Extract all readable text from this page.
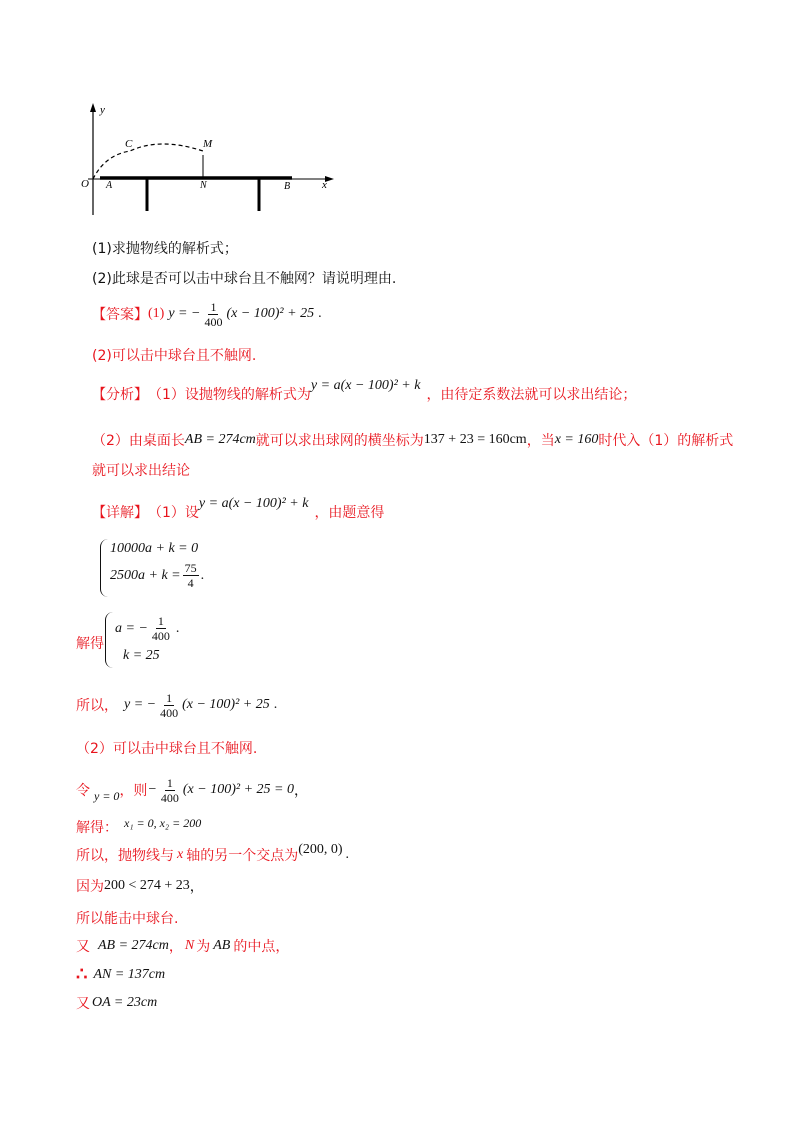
y
x
O A	N	B
C	M
(1)求抛物线的解析式；
(2)此球是否可以击中球台且不触网？请说明理由.
【答案】 (1) y = − $\frac{1}{400} (x - 100)^2 + 25$ .
(2)可以击中球台且不触网.
【分析】 （1）设抛物线的解析式为
y = a(x − 100)² + k
，由待定系数法就可以求出结论；
（2）由桌面长 AB = 274cm 就可以求出球网的横坐标为 137 + 23 = 160cm ，当 x = 160 时代入（1）的解析式
就可以求出结论
【详解】 （1）设
y = a(x − 100)² + k
，由题意得
10000a + k = 0
$2500a + k = \frac{75}{4}$ .
解得
a = − $\frac{1}{400}$ .
k = 25
所以， y = − $\frac{1}{400} (x - 100)^2 + 25$ .
（2）可以击中球台且不触网.
令 y = 0 ，则 − $\frac{1}{400} (x - 100)^2 + 25 = 0$ ，
解得： x₁ = 0, x₂ = 200
所以，抛物线与 x 轴的另一个交点为 (200, 0) .
因为 200 < 274 + 23 ，
所以能击中球台.
又 AB = 274cm ， N 为 AB 的中点，
∴ AN = 137cm
又 OA = 23cm
